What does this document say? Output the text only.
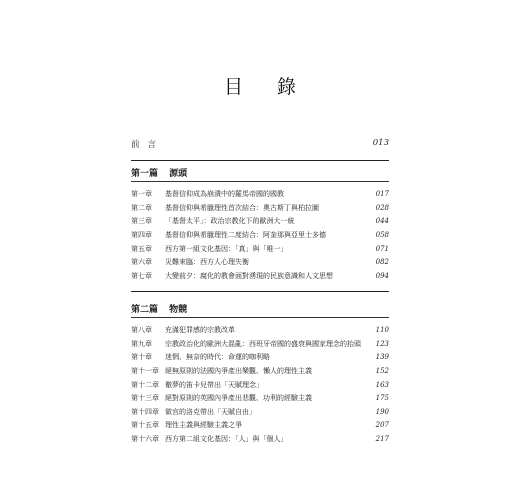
目 錄
前言	013
第一篇 源頭
第一章	基督信仰成為崩潰中的羅馬帝國的國教	017
第二章	基督信仰與希臘理性首次結合：奧古斯丁與柏拉圖	028
第三章	「基督太平」：政治宗教化下的歐洲大一統	044
第四章	基督信仰與希臘理性二度結合：阿奎那與亞里士多德	058
第五章	西方第一組文化基因：「真」與「唯一」	071
第六章	災難來臨：西方人心理失衡	082
第七章	大變前夕：腐化的教會面對湧現的民族意識和人文思想	094
第二篇 物競
第八章	充滿犯罪感的宗教改革	110
第九章	宗教政治化的歐洲大混亂：西班牙帝國的盛衰與國家理念的抬頭	123
第十章	迷惘、無奈的時代：命運的咖利略	139
第十一章 絕無原則的法國內爭產出樂觀、懶人的理性主義	152
第十二章 儆夢的笛卡兒帶出「天賦理念」	163
第十三章 絕對原則的英國內爭產出悲觀、功利的經驗主義	175
第十四章 做官的洛克帶出「天賦自由」	190
第十五章 理性主義與經驗主義之爭	207
第十六章 西方第二組文化基因：「人」與「個人」	217
